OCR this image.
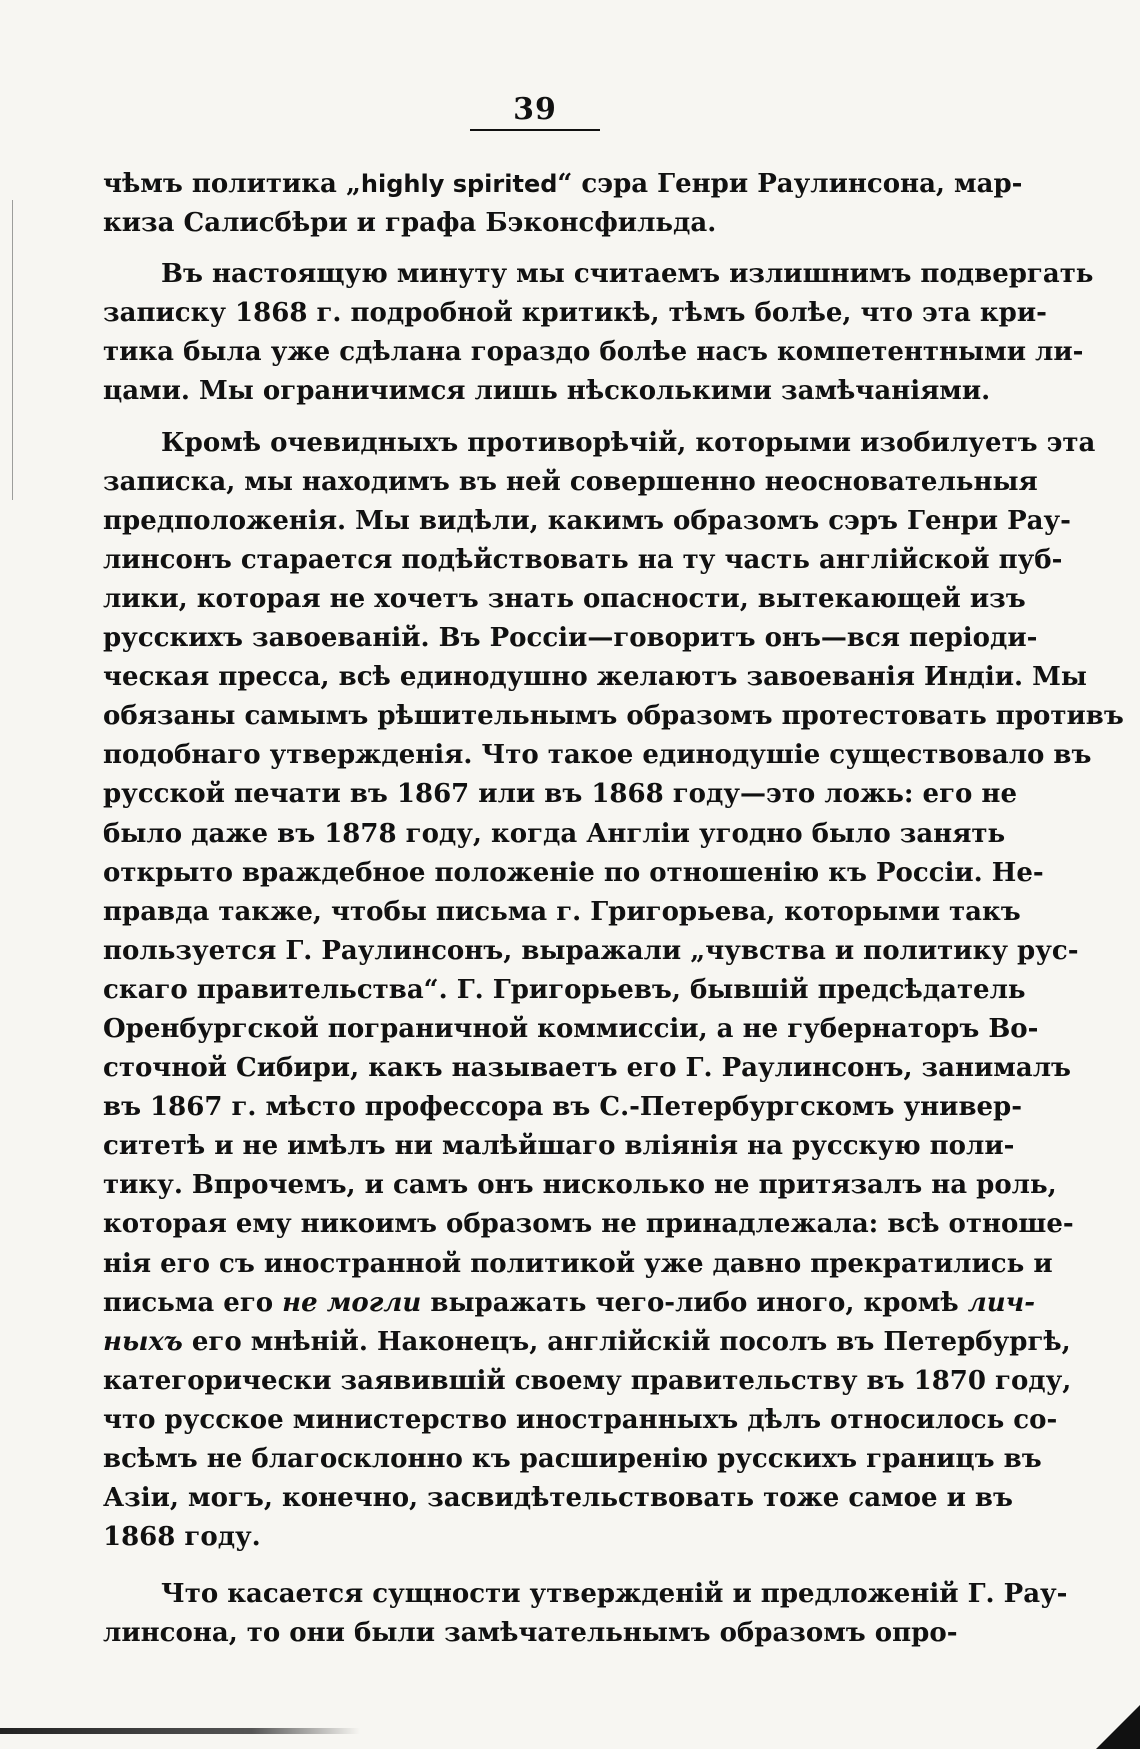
39
чѣмъ политика „highly spirited“ сэра Генри Раулинсона, мар-
киза Салисбѣри и графа Бэконсфильда.
Въ настоящую минуту мы считаемъ излишнимъ подвергать
записку 1868 г. подробной критикѣ, тѣмъ болѣе, что эта кри-
тика была уже сдѣлана гораздо болѣе насъ компетентными ли-
цами. Мы ограничимся лишь нѣсколькими замѣчаніями.
Кромѣ очевидныхъ противорѣчій, которыми изобилуетъ эта
записка, мы находимъ въ ней совершенно неосновательныя
предположенія. Мы видѣли, какимъ образомъ сэръ Генри Рау-
линсонъ старается подѣйствовать на ту часть англійской пуб-
лики, которая не хочетъ знать опасности, вытекающей изъ
русскихъ завоеваній. Въ Россіи—говоритъ онъ—вся періоди-
ческая пресса, всѣ единодушно желаютъ завоеванія Индіи. Мы
обязаны самымъ рѣшительнымъ образомъ протестовать противъ
подобнаго утвержденія. Что такое единодушіе существовало въ
русской печати въ 1867 или въ 1868 году—это ложь: его не
было даже въ 1878 году, когда Англіи угодно было занять
открыто враждебное положеніе по отношенію къ Россіи. Не-
правда также, чтобы письма г. Григорьева, которыми такъ
пользуется Г. Раулинсонъ, выражали „чувства и политику рус-
скаго правительства“. Г. Григорьевъ, бывшій предсѣдатель
Оренбургской пограничной коммиссіи, а не губернаторъ Во-
сточной Сибири, какъ называетъ его Г. Раулинсонъ, занималъ
въ 1867 г. мѣсто профессора въ С.-Петербургскомъ универ-
ситетѣ и не имѣлъ ни малѣйшаго вліянія на русскую поли-
тику. Впрочемъ, и самъ онъ нисколько не притязалъ на роль,
которая ему никоимъ образомъ не принадлежала: всѣ отноше-
нія его съ иностранной политикой уже давно прекратились и
письма его не могли выражать чего-либо иного, кромѣ лич-
ныхъ его мнѣній. Наконецъ, англійскій посолъ въ Петербургѣ,
категорически заявившій своему правительству въ 1870 году,
что русское министерство иностранныхъ дѣлъ относилось со-
всѣмъ не благосклонно къ расширенію русскихъ границъ въ
Азіи, могъ, конечно, засвидѣтельствовать тоже самое и въ
1868 году.
Что касается сущности утвержденій и предложеній Г. Рау-
линсона, то они были замѣчательнымъ образомъ опро-
